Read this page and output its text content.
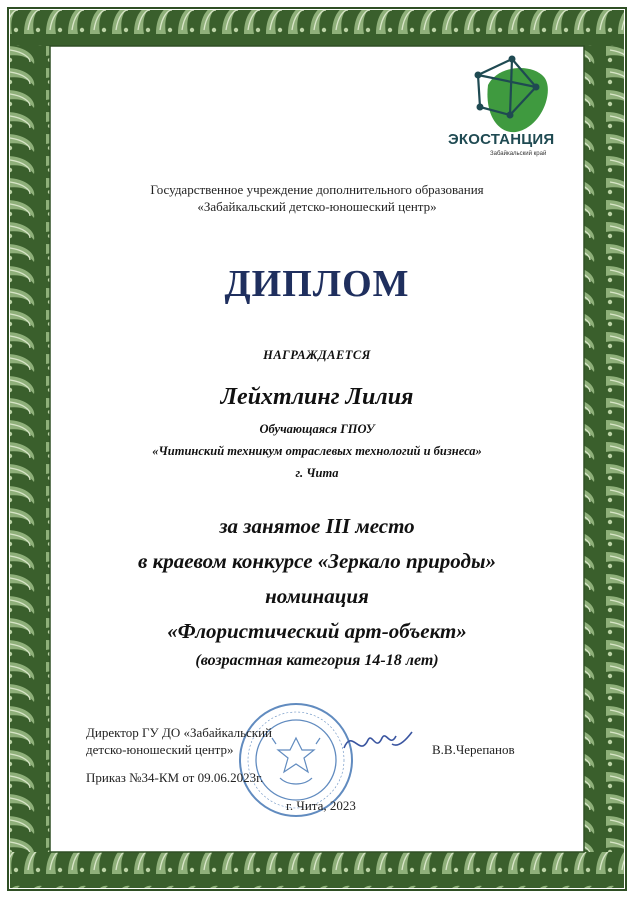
ЭКОСТАНЦИЯ
Забайкальский край
Государственное учреждение дополнительного образования
«Забайкальский детско-юношеский центр»
ДИПЛОМ
НАГРАЖДАЕТСЯ
Лейхтлинг Лилия
Обучающаяся ГПОУ
«Читинский техникум отраслевых технологий и бизнеса»
г. Чита
за занятое III место
в краевом конкурсе «Зеркало природы»
номинация
«Флористический арт-объект»
(возрастная категория 14-18 лет)
Директор ГУ ДО «Забайкальский
детско-юношеский центр»	В.В.Черепанов
Приказ №34-КМ от 09.06.2023г.
г. Чита, 2023
